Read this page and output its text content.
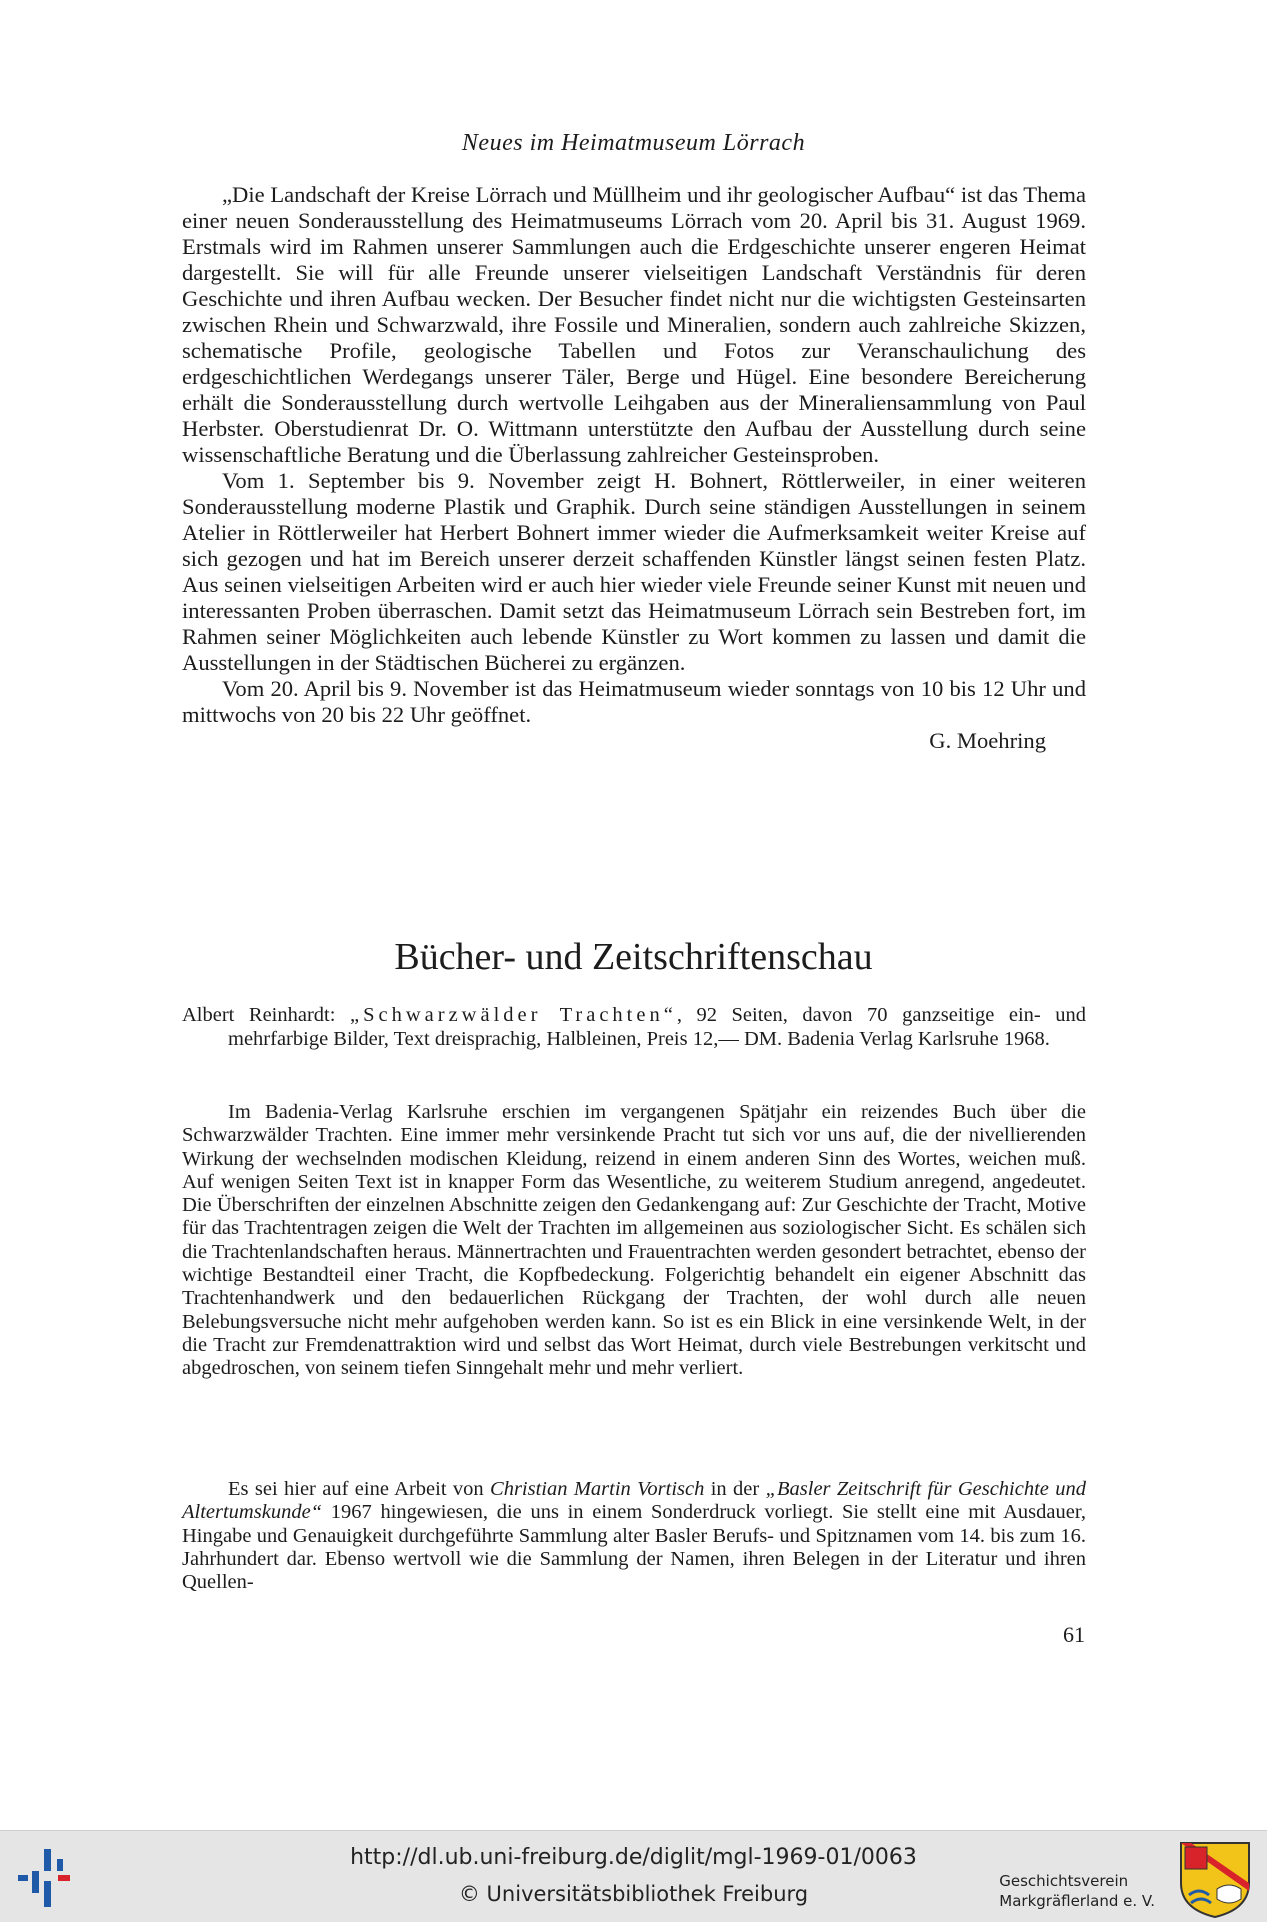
Neues im Heimatmuseum Lörrach

„Die Landschaft der Kreise Lörrach und Müllheim und ihr geologischer Aufbau“ ist das Thema einer neuen Sonderausstellung des Heimatmuseums Lörrach vom 20. April bis 31. August 1969. Erstmals wird im Rahmen unserer Sammlungen auch die Erdgeschichte unserer engeren Heimat dargestellt. Sie will für alle Freunde unserer vielseitigen Landschaft Verständnis für deren Geschichte und ihren Aufbau wecken. Der Besucher findet nicht nur die wichtigsten Gesteinsarten zwischen Rhein und Schwarzwald, ihre Fossile und Mineralien, sondern auch zahlreiche Skizzen, schematische Profile, geologische Tabellen und Fotos zur Veranschaulichung des erdgeschichtlichen Werdegangs unserer Täler, Berge und Hügel. Eine besondere Bereicherung erhält die Sonderausstellung durch wertvolle Leihgaben aus der Mineraliensammlung von Paul Herbster. Oberstudienrat Dr. O. Wittmann unterstützte den Aufbau der Ausstellung durch seine wissenschaftliche Beratung und die Überlassung zahlreicher Gesteinsproben.

Vom 1. September bis 9. November zeigt H. Bohnert, Röttlerweiler, in einer weiteren Sonderausstellung moderne Plastik und Graphik. Durch seine ständigen Ausstellungen in seinem Atelier in Röttlerweiler hat Herbert Bohnert immer wieder die Aufmerksamkeit weiter Kreise auf sich gezogen und hat im Bereich unserer derzeit schaffenden Künstler längst seinen festen Platz. Aus seinen vielseitigen Arbeiten wird er auch hier wieder viele Freunde seiner Kunst mit neuen und interessanten Proben überraschen. Damit setzt das Heimatmuseum Lörrach sein Bestreben fort, im Rahmen seiner Möglichkeiten auch lebende Künstler zu Wort kommen zu lassen und damit die Ausstellungen in der Städtischen Bücherei zu ergänzen.

Vom 20. April bis 9. November ist das Heimatmuseum wieder sonntags von 10 bis 12 Uhr und mittwochs von 20 bis 22 Uhr geöffnet.

G. Moehring
Bücher- und Zeitschriftenschau
Albert Reinhardt: „Schwarzwälder Trachten“, 92 Seiten, davon 70 ganzseitige ein- und mehrfarbige Bilder, Text dreisprachig, Halbleinen, Preis 12,— DM. Badenia Verlag Karlsruhe 1968.

Im Badenia-Verlag Karlsruhe erschien im vergangenen Spätjahr ein reizendes Buch über die Schwarzwälder Trachten. Eine immer mehr versinkende Pracht tut sich vor uns auf, die der nivellierenden Wirkung der wechselnden modischen Kleidung, reizend in einem anderen Sinn des Wortes, weichen muß. Auf wenigen Seiten Text ist in knapper Form das Wesentliche, zu weiterem Studium anregend, angedeutet. Die Überschriften der einzelnen Abschnitte zeigen den Gedankengang auf: Zur Geschichte der Tracht, Motive für das Trachtentragen zeigen die Welt der Trachten im allgemeinen aus soziologischer Sicht. Es schälen sich die Trachtenlandschaften heraus. Männertrachten und Frauentrachten werden gesondert betrachtet, ebenso der wichtige Bestandteil einer Tracht, die Kopfbedeckung. Folgerichtig behandelt ein eigener Abschnitt das Trachtenhandwerk und den bedauerlichen Rückgang der Trachten, der wohl durch alle neuen Belebungsversuche nicht mehr aufgehoben werden kann. So ist es ein Blick in eine versinkende Welt, in der die Tracht zur Fremdenattraktion wird und selbst das Wort Heimat, durch viele Bestrebungen verkitscht und abgedroschen, von seinem tiefen Sinngehalt mehr und mehr verliert.

Es sei hier auf eine Arbeit von Christian Martin Vortisch in der „Basler Zeitschrift für Geschichte und Altertumskunde“ 1967 hingewiesen, die uns in einem Sonderdruck vorliegt. Sie stellt eine mit Ausdauer, Hingabe und Genauigkeit durchgeführte Sammlung alter Basler Berufs- und Spitznamen vom 14. bis zum 16. Jahrhundert dar. Ebenso wertvoll wie die Sammlung der Namen, ihren Belegen in der Literatur und ihren Quellen-

61
http://dl.ub.uni-freiburg.de/diglit/mgl-1969-01/0063
© Universitätsbibliothek Freiburg
Geschichtsverein
Markgräflerland e. V.
